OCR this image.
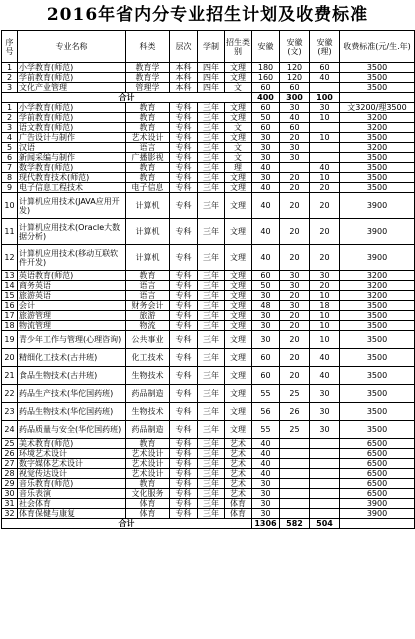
2016年省内分专业招生计划及收费标准
序号	专业名称	科类	层次	学制	招生类别	安徽	安徽(文)	安徽(理)	收费标准(元/生.年)
1	小学教育(师范)	教育学	本科	四年	文理	180	120	60	3500
2	学前教育(师范)	教育学	本科	四年	文理	160	120	40	3500
3	文化产业管理	管理学	本科	四年	文	60	60		3500
合计						400	300	100	
1	小学教育(师范)	教育	专科	三年	文理	60	30	30	文3200/理3500
2	学前教育(师范)	教育	专科	三年	文理	50	40	10	3200
3	语文教育(师范)	教育	专科	三年	文	60	60		3200
4	广告设计与制作	艺术设计	专科	三年	文理	30	20	10	3500
5	汉语	语言	专科	三年	文	30	30		3200
6	新闻采编与制作	广播影视	专科	三年	文	30	30		3500
7	数学教育(师范)	教育	专科	三年	理	40		40	3500
8	现代教育技术(师范)	教育	专科	三年	文理	30	20	10	3500
9	电子信息工程技术	电子信息	专科	三年	文理	40	20	20	3500
10	计算机应用技术(JAVA应用开发)	计算机	专科	三年	文理	40	20	20	3900
11	计算机应用技术(Oracle大数据分析)	计算机	专科	三年	文理	40	20	20	3900
12	计算机应用技术(移动互联软件开发)	计算机	专科	三年	文理	40	20	20	3900
13	英语教育(师范)	教育	专科	三年	文理	60	30	30	3200
14	商务英语	语言	专科	三年	文理	50	30	20	3200
15	旅游英语	语言	专科	三年	文理	30	20	10	3200
16	会计	财务会计	专科	三年	文理	48	30	18	3500
17	旅游管理	旅游	专科	三年	文理	30	20	10	3500
18	物流管理	物流	专科	三年	文理	30	20	10	3500
19	青少年工作与管理(心理咨询)	公共事业	专科	三年	文理	30	20	10	3500
20	精细化工技术(古井班)	化工技术	专科	三年	文理	60	20	40	3500
21	食品生物技术(古井班)	生物技术	专科	三年	文理	60	20	40	3500
22	药品生产技术(华佗国药班)	药品制造	专科	三年	文理	55	25	30	3500
23	药品生物技术(华佗国药班)	生物技术	专科	三年	文理	56	26	30	3500
24	药品质量与安全(华佗国药班)	药品制造	专科	三年	文理	55	25	30	3500
25	美术教育(师范)	教育	专科	三年	艺术	40			6500
26	环境艺术设计	艺术设计	专科	三年	艺术	40			6500
27	数字媒体艺术设计	艺术设计	专科	三年	艺术	40			6500
28	视觉传达设计	艺术设计	专科	三年	艺术	40			6500
29	音乐教育(师范)	教育	专科	三年	艺术	30			6500
30	音乐表演	文化服务	专科	三年	艺术	30			6500
31	社会体育	体育	专科	三年	体育	30			3900
32	体育保健与康复	体育	专科	三年	体育	30			3900
合计						1306	582	504	
